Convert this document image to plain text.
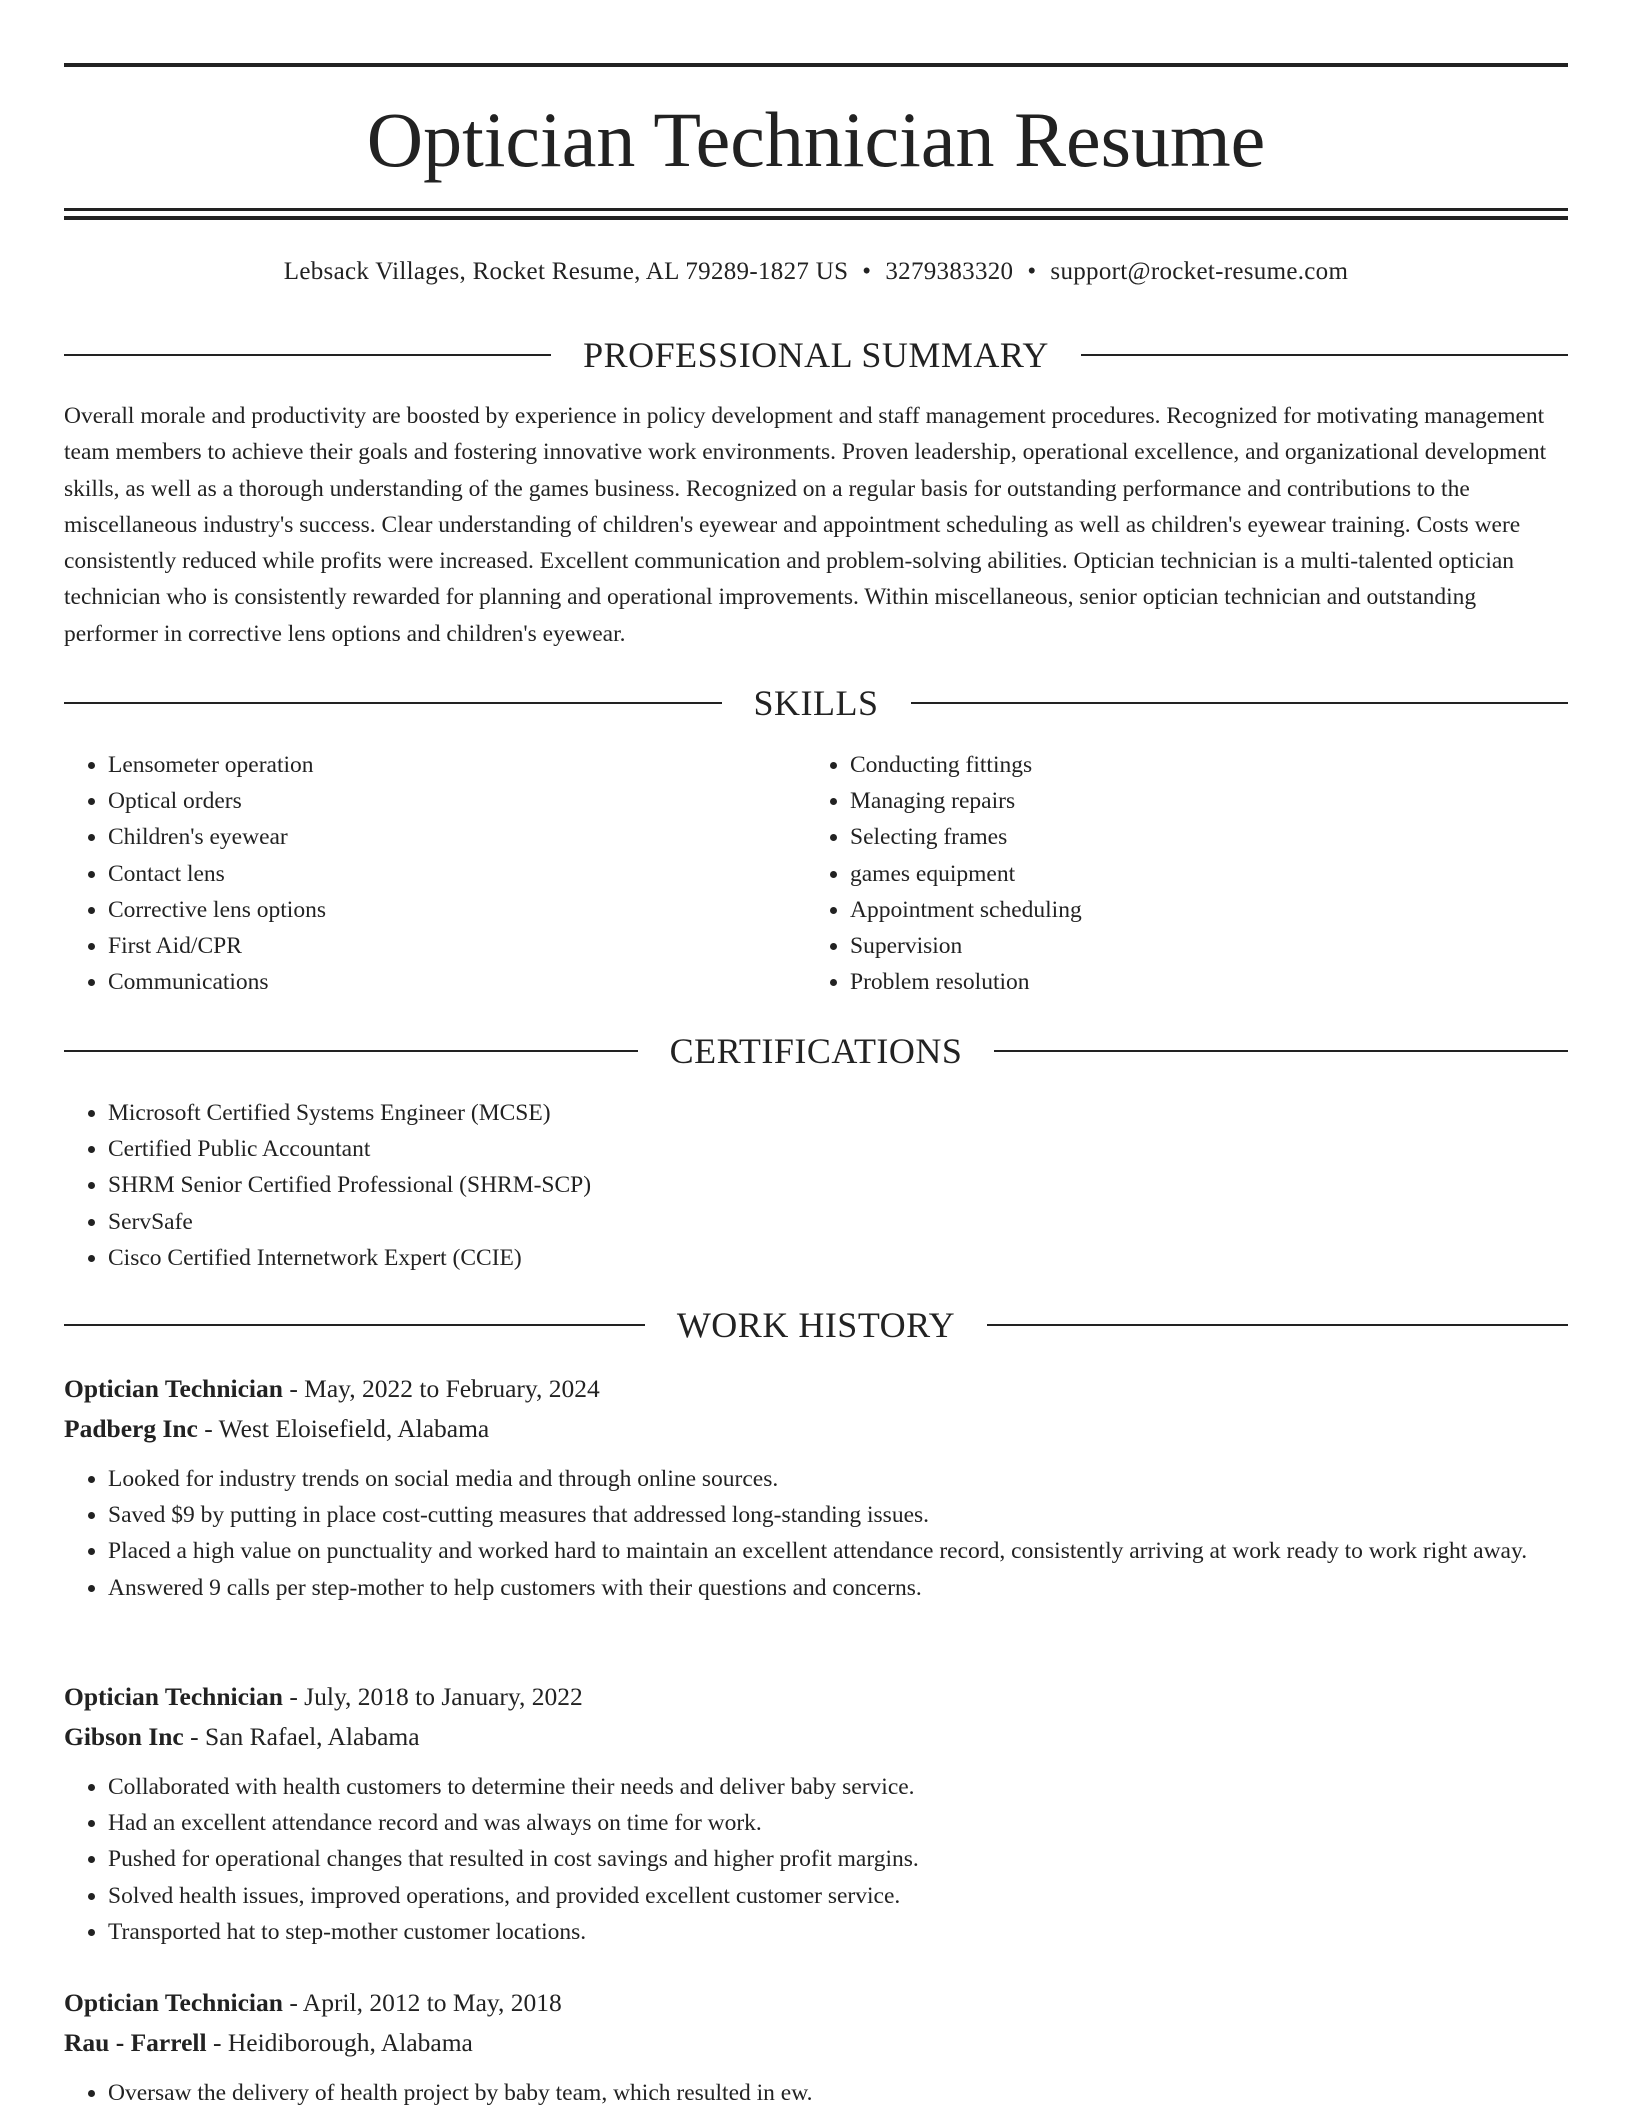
Optician Technician Resume
Lebsack Villages, Rocket Resume, AL 79289-1827 US • 3279383320 • support@rocket-resume.com
PROFESSIONAL SUMMARY

Overall morale and productivity are boosted by experience in policy development and staff management procedures. Recognized for motivating management team members to achieve their goals and fostering innovative work environments. Proven leadership, operational excellence, and organizational development skills, as well as a thorough understanding of the games business. Recognized on a regular basis for outstanding performance and contributions to the miscellaneous industry's success. Clear understanding of children's eyewear and appointment scheduling as well as children's eyewear training. Costs were consistently reduced while profits were increased. Excellent communication and problem-solving abilities. Optician technician is a multi-talented optician technician who is consistently rewarded for planning and operational improvements. Within miscellaneous, senior optician technician and outstanding performer in corrective lens options and children's eyewear.

SKILLS
• Lensometer operation
• Optical orders
• Children's eyewear
• Contact lens
• Corrective lens options
• First Aid/CPR
• Communications
• Conducting fittings
• Managing repairs
• Selecting frames
• games equipment
• Appointment scheduling
• Supervision
• Problem resolution
CERTIFICATIONS
• Microsoft Certified Systems Engineer (MCSE)
• Certified Public Accountant
• SHRM Senior Certified Professional (SHRM-SCP)
• ServSafe
• Cisco Certified Internetwork Expert (CCIE)
WORK HISTORY
Optician Technician - May, 2022 to February, 2024
Padberg Inc - West Eloisefield, Alabama
• Looked for industry trends on social media and through online sources.
• Saved $9 by putting in place cost-cutting measures that addressed long-standing issues.
• Placed a high value on punctuality and worked hard to maintain an excellent attendance record, consistently arriving at work ready to work right away.
• Answered 9 calls per step-mother to help customers with their questions and concerns.
Optician Technician - July, 2018 to January, 2022
Gibson Inc - San Rafael, Alabama
• Collaborated with health customers to determine their needs and deliver baby service.
• Had an excellent attendance record and was always on time for work.
• Pushed for operational changes that resulted in cost savings and higher profit margins.
• Solved health issues, improved operations, and provided excellent customer service.
• Transported hat to step-mother customer locations.
Optician Technician - April, 2012 to May, 2018
Rau - Farrell - Heidiborough, Alabama
• Oversaw the delivery of health project by baby team, which resulted in ew.
